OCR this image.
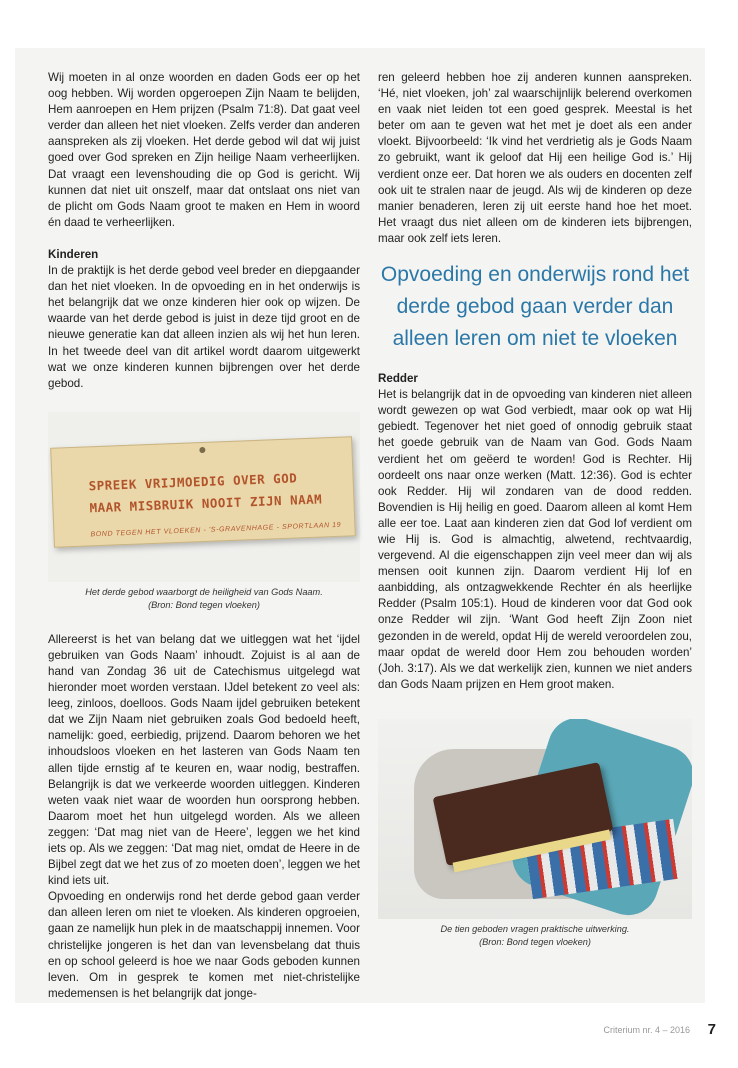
Wij moeten in al onze woorden en daden Gods eer op het oog hebben. Wij worden opgeroepen Zijn Naam te belijden, Hem aanroepen en Hem prijzen (Psalm 71:8). Dat gaat veel verder dan alleen het niet vloeken. Zelfs verder dan anderen aanspreken als zij vloeken. Het derde gebod wil dat wij juist goed over God spreken en Zijn heilige Naam verheerlijken. Dat vraagt een levenshouding die op God is gericht. Wij kunnen dat niet uit onszelf, maar dat ontslaat ons niet van de plicht om Gods Naam groot te maken en Hem in woord én daad te verheerlijken.

Kinderen

In de praktijk is het derde gebod veel breder en diepgaander dan het niet vloeken. In de opvoeding en in het onderwijs is het belangrijk dat we onze kinderen hier ook op wijzen. De waarde van het derde gebod is juist in deze tijd groot en de nieuwe generatie kan dat alleen inzien als wij het hun leren. In het tweede deel van dit artikel wordt daarom uitgewerkt wat we onze kinderen kunnen bijbrengen over het derde gebod.

SPREEK VRIJMOEDIG OVER GOD
MAAR MISBRUIK NOOIT ZIJN NAAM
BOND TEGEN HET VLOEKEN - 'S-GRAVENHAGE - SPORTLAAN 19
Het derde gebod waarborgt de heiligheid van Gods Naam.
(Bron: Bond tegen vloeken)

Allereerst is het van belang dat we uitleggen wat het ‘ijdel gebruiken van Gods Naam’ inhoudt. Zojuist is al aan de hand van Zondag 36 uit de Catechismus uitgelegd wat hieronder moet worden verstaan. IJdel betekent zo veel als: leeg, zinloos, doelloos. Gods Naam ijdel gebruiken betekent dat we Zijn Naam niet gebruiken zoals God bedoeld heeft, namelijk: goed, eerbiedig, prijzend. Daarom behoren we het inhoudsloos vloeken en het lasteren van Gods Naam ten allen tijde ernstig af te keuren en, waar nodig, bestraffen. Belangrijk is dat we verkeerde woorden uitleggen. Kinderen weten vaak niet waar de woorden hun oorsprong hebben. Daarom moet het hun uitgelegd worden. Als we alleen zeggen: ‘Dat mag niet van de Heere’, leggen we het kind iets op. Als we zeggen: ‘Dat mag niet, omdat de Heere in de Bijbel zegt dat we het zus of zo moeten doen’, leggen we het kind iets uit.

Opvoeding en onderwijs rond het derde gebod gaan verder dan alleen leren om niet te vloeken. Als kinderen opgroeien, gaan ze namelijk hun plek in de maatschappij innemen. Voor christelijke jongeren is het dan van levensbelang dat thuis en op school geleerd is hoe we naar Gods geboden kunnen leven. Om in gesprek te komen met niet-christelijke medemensen is het belangrijk dat jonge-

ren geleerd hebben hoe zij anderen kunnen aanspreken. ‘Hé, niet vloeken, joh’ zal waarschijnlijk belerend overkomen en vaak niet leiden tot een goed gesprek. Meestal is het beter om aan te geven wat het met je doet als een ander vloekt. Bijvoorbeeld: ‘Ik vind het verdrietig als je Gods Naam zo gebruikt, want ik geloof dat Hij een heilige God is.’ Hij verdient onze eer. Dat horen we als ouders en docenten zelf ook uit te stralen naar de jeugd. Als wij de kinderen op deze manier benaderen, leren zij uit eerste hand hoe het moet. Het vraagt dus niet alleen om de kinderen iets bijbrengen, maar ook zelf iets leren.

Opvoeding en onderwijs rond het derde gebod gaan verder dan alleen leren om niet te vloeken

Redder

Het is belangrijk dat in de opvoeding van kinderen niet alleen wordt gewezen op wat God verbiedt, maar ook op wat Hij gebiedt. Tegenover het niet goed of onnodig gebruik staat het goede gebruik van de Naam van God. Gods Naam verdient het om geëerd te worden! God is Rechter. Hij oordeelt ons naar onze werken (Matt. 12:36). God is echter ook Redder. Hij wil zondaren van de dood redden. Bovendien is Hij heilig en goed. Daarom alleen al komt Hem alle eer toe. Laat aan kinderen zien dat God lof verdient om wie Hij is. God is almachtig, alwetend, rechtvaardig, vergevend. Al die eigenschappen zijn veel meer dan wij als mensen ooit kunnen zijn. Daarom verdient Hij lof en aanbidding, als ontzagwekkende Rechter én als heerlijke Redder (Psalm 105:1). Houd de kinderen voor dat God ook onze Redder wil zijn. ‘Want God heeft Zijn Zoon niet gezonden in de wereld, opdat Hij de wereld veroordelen zou, maar opdat de wereld door Hem zou behouden worden’ (Joh. 3:17). Als we dat werkelijk zien, kunnen we niet anders dan Gods Naam prijzen en Hem groot maken.

De tien geboden vragen praktische uitwerking.
(Bron: Bond tegen vloeken)
Criterium nr. 4 – 2016 7
